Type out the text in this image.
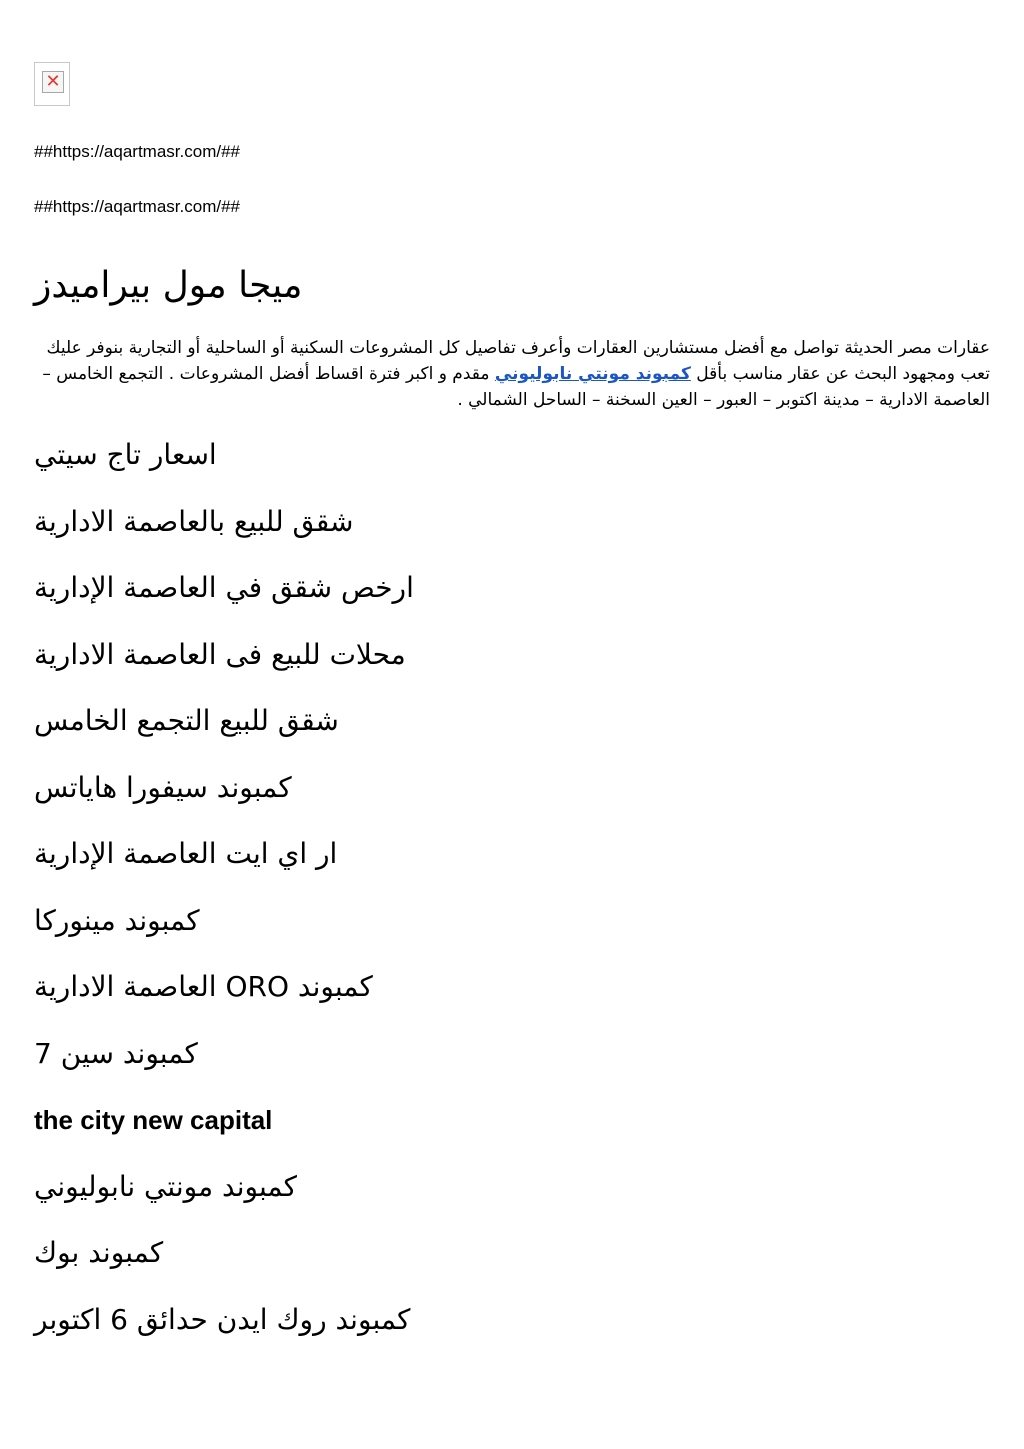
✕

##https://aqartmasr.com/##

##https://aqartmasr.com/##

ميجا مول بيراميدز

عقارات مصر الحديثة تواصل مع أفضل مستشارين العقارات وأعرف تفاصيل كل المشروعات السكنية أو الساحلية أو التجارية بنوفر عليك تعب ومجهود البحث عن عقار مناسب بأقل كمبوند مونتي نابوليوني مقدم و اكبر فترة اقساط أفضل المشروعات . التجمع الخامس – العاصمة الادارية – مدينة اكتوبر – العبور – العين السخنة – الساحل الشمالي .

اسعار تاج سيتي
شقق للبيع بالعاصمة الادارية
ارخص شقق في العاصمة الإدارية
محلات للبيع فى العاصمة الادارية
شقق للبيع التجمع الخامس
كمبوند سيفورا هاياتس
ار اي ايت العاصمة الإدارية
كمبوند مينوركا
كمبوند ORO العاصمة الادارية
كمبوند سين 7
the city new capital
كمبوند مونتي نابوليوني
كمبوند بوك
كمبوند روك ايدن حدائق 6 اكتوبر
